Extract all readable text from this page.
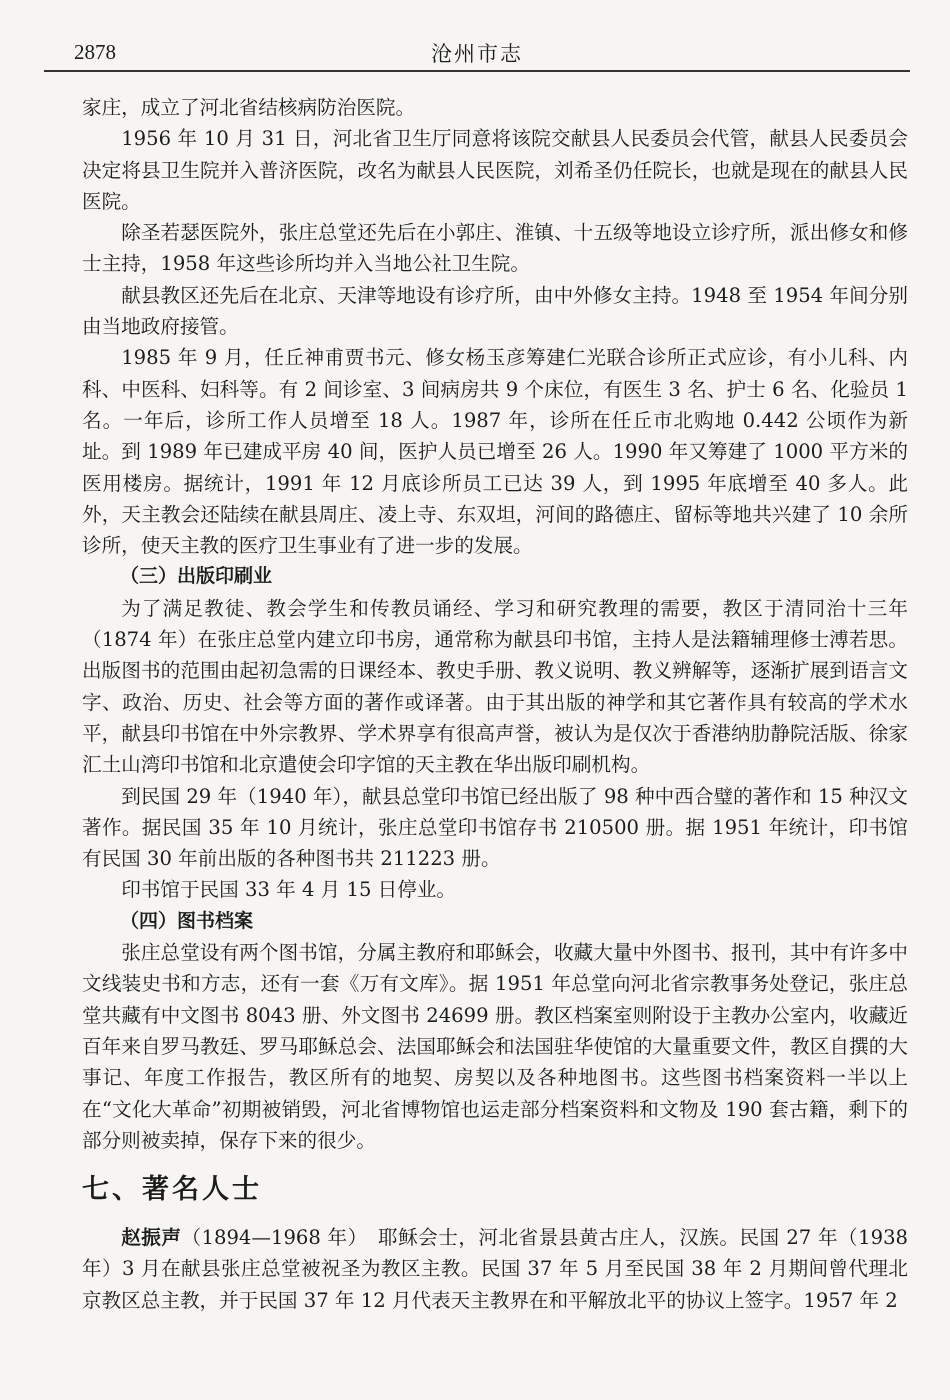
2878	沧州市志

家庄，成立了河北省结核病防治医院。

1956 年 10 月 31 日，河北省卫生厅同意将该院交献县人民委员会代管，献县人民委员会决定将县卫生院并入普济医院，改名为献县人民医院，刘希圣仍任院长，也就是现在的献县人民医院。

除圣若瑟医院外，张庄总堂还先后在小郭庄、淮镇、十五级等地设立诊疗所，派出修女和修士主持，1958 年这些诊所均并入当地公社卫生院。

献县教区还先后在北京、天津等地设有诊疗所，由中外修女主持。1948 至 1954 年间分别由当地政府接管。

1985 年 9 月，任丘神甫贾书元、修女杨玉彦筹建仁光联合诊所正式应诊，有小儿科、内科、中医科、妇科等。有 2 间诊室、3 间病房共 9 个床位，有医生 3 名、护士 6 名、化验员 1 名。一年后，诊所工作人员增至 18 人。1987 年，诊所在任丘市北购地 0.442 公顷作为新址。到 1989 年已建成平房 40 间，医护人员已增至 26 人。1990 年又筹建了 1000 平方米的医用楼房。据统计，1991 年 12 月底诊所员工已达 39 人，到 1995 年底增至 40 多人。此外，天主教会还陆续在献县周庄、凌上寺、东双坦，河间的路德庄、留标等地共兴建了 10 余所诊所，使天主教的医疗卫生事业有了进一步的发展。

（三）出版印刷业

为了满足教徒、教会学生和传教员诵经、学习和研究教理的需要，教区于清同治十三年（1874 年）在张庄总堂内建立印书房，通常称为献县印书馆，主持人是法籍辅理修士溥若思。出版图书的范围由起初急需的日课经本、教史手册、教义说明、教义辨解等，逐渐扩展到语言文字、政治、历史、社会等方面的著作或译著。由于其出版的神学和其它著作具有较高的学术水平，献县印书馆在中外宗教界、学术界享有很高声誉，被认为是仅次于香港纳肋静院活版、徐家汇土山湾印书馆和北京遣使会印字馆的天主教在华出版印刷机构。

到民国 29 年（1940 年），献县总堂印书馆已经出版了 98 种中西合璧的著作和 15 种汉文著作。据民国 35 年 10 月统计，张庄总堂印书馆存书 210500 册。据 1951 年统计，印书馆有民国 30 年前出版的各种图书共 211223 册。

印书馆于民国 33 年 4 月 15 日停业。

（四）图书档案

张庄总堂设有两个图书馆，分属主教府和耶稣会，收藏大量中外图书、报刊，其中有许多中文线装史书和方志，还有一套《万有文库》。据 1951 年总堂向河北省宗教事务处登记，张庄总堂共藏有中文图书 8043 册、外文图书 24699 册。教区档案室则附设于主教办公室内，收藏近百年来自罗马教廷、罗马耶稣总会、法国耶稣会和法国驻华使馆的大量重要文件，教区自撰的大事记、年度工作报告，教区所有的地契、房契以及各种地图书。这些图书档案资料一半以上在“文化大革命”初期被销毁，河北省博物馆也运走部分档案资料和文物及 190 套古籍，剩下的部分则被卖掉，保存下来的很少。

七、著名人士

赵振声（1894—1968 年）　耶稣会士，河北省景县黄古庄人，汉族。民国 27 年（1938 年）3 月在献县张庄总堂被祝圣为教区主教。民国 37 年 5 月至民国 38 年 2 月期间曾代理北京教区总主教，并于民国 37 年 12 月代表天主教界在和平解放北平的协议上签字。1957 年 2
